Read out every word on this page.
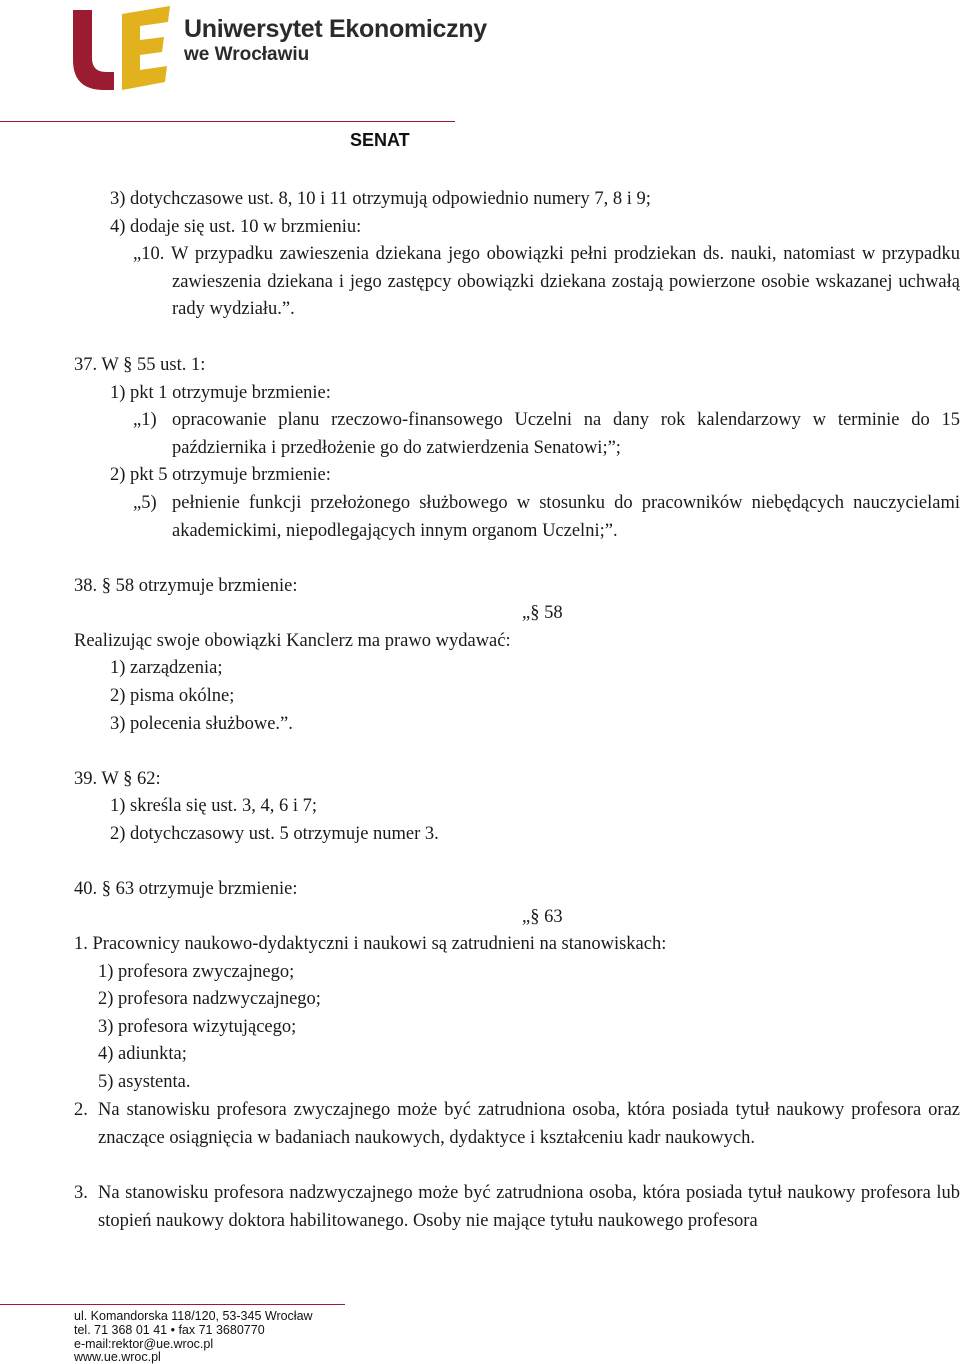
Uniwersytet Ekonomiczny
we Wrocławiu
SENAT
3) dotychczasowe ust. 8, 10 i 11 otrzymują odpowiednio numery 7, 8 i 9;
4) dodaje się ust. 10 w brzmieniu:
„10. W przypadku zawieszenia dziekana jego obowiązki pełni prodziekan ds. nauki, natomiast w przypadku zawieszenia dziekana i jego zastępcy obowiązki dziekana zostają powierzone osobie wskazanej uchwałą rady wydziału.”.
37. W § 55 ust. 1:
1) pkt 1 otrzymuje brzmienie:
„1) opracowanie planu rzeczowo-finansowego Uczelni na dany rok kalendarzowy w terminie do 15 października i przedłożenie go do zatwierdzenia Senatowi;”;
2) pkt 5 otrzymuje brzmienie:
„5) pełnienie funkcji przełożonego służbowego w stosunku do pracowników niebędących nauczycielami akademickimi, niepodlegających innym organom Uczelni;”.
38. § 58 otrzymuje brzmienie:
„§ 58
Realizując swoje obowiązki Kanclerz ma prawo wydawać:
1) zarządzenia;
2) pisma okólne;
3) polecenia służbowe.”.
39. W § 62:
1) skreśla się ust. 3, 4, 6 i 7;
2) dotychczasowy ust. 5 otrzymuje numer 3.
40. § 63 otrzymuje brzmienie:
„§ 63
1. Pracownicy naukowo-dydaktyczni i naukowi są zatrudnieni na stanowiskach:
1) profesora zwyczajnego;
2) profesora nadzwyczajnego;
3) profesora wizytującego;
4) adiunkta;
5) asystenta.
2. Na stanowisku profesora zwyczajnego może być zatrudniona osoba, która posiada tytuł naukowy profesora oraz znaczące osiągnięcia w badaniach naukowych, dydaktyce i kształceniu kadr naukowych.
3. Na stanowisku profesora nadzwyczajnego może być zatrudniona osoba, która posiada tytuł naukowy profesora lub stopień naukowy doktora habilitowanego. Osoby nie mające tytułu naukowego profesora
ul. Komandorska 118/120, 53-345 Wrocław
tel. 71 368 01 41 • fax 71 3680770
e-mail:rektor@ue.wroc.pl
www.ue.wroc.pl
